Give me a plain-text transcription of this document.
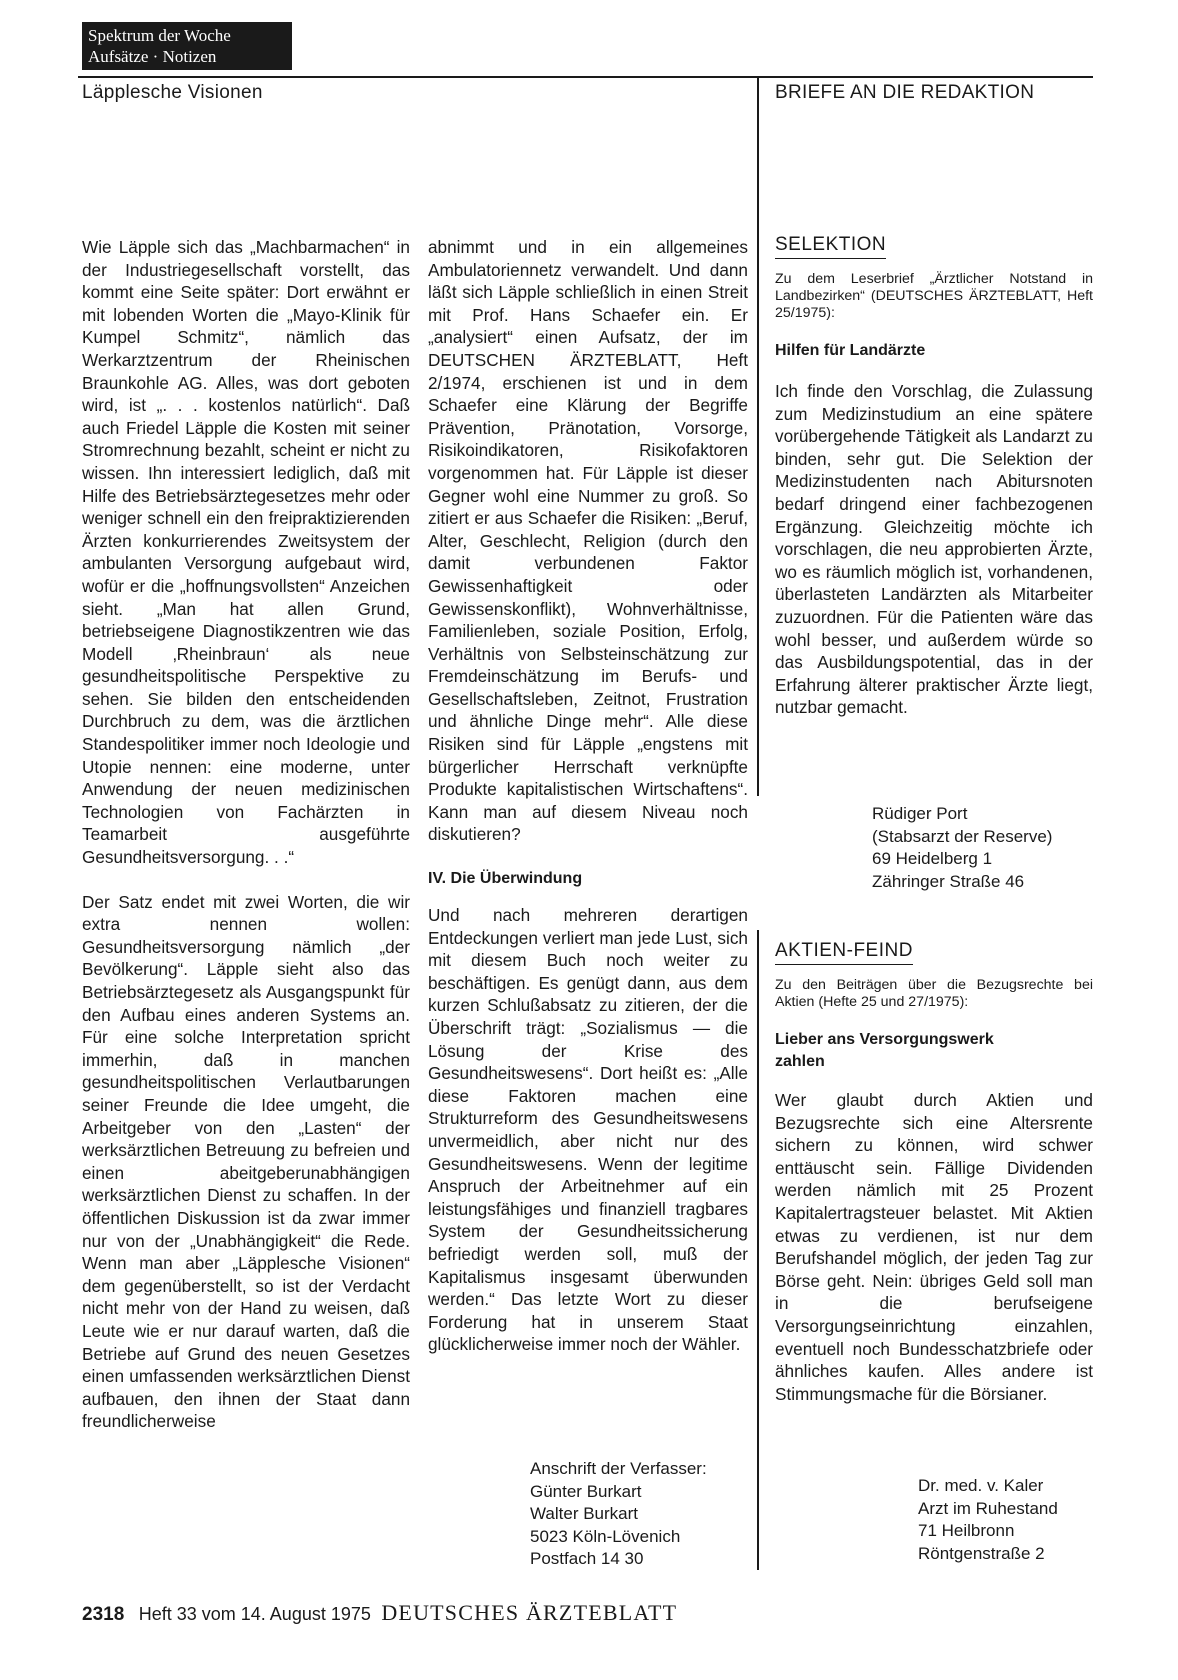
Spektrum der Woche
Aufsätze · Notizen
Läpplesche Visionen	BRIEFE AN DIE REDAKTION

Wie Läpple sich das „Machbarmachen“ in der Industriegesellschaft vorstellt, das kommt eine Seite später: Dort erwähnt er mit lobenden Worten die „Mayo-Klinik für Kumpel Schmitz“, nämlich das Werkarztzentrum der Rheinischen Braunkohle AG. Alles, was dort geboten wird, ist „. . . kostenlos natürlich“. Daß auch Friedel Läpple die Kosten mit seiner Stromrechnung bezahlt, scheint er nicht zu wissen. Ihn interessiert lediglich, daß mit Hilfe des Betriebsärztegesetzes mehr oder weniger schnell ein den freipraktizierenden Ärzten konkurrierendes Zweitsystem der ambulanten Versorgung aufgebaut wird, wofür er die „hoffnungsvollsten“ Anzeichen sieht. „Man hat allen Grund, betriebseigene Diagnostikzentren wie das Modell ‚Rheinbraun‘ als neue gesundheitspolitische Perspektive zu sehen. Sie bilden den entscheidenden Durchbruch zu dem, was die ärztlichen Standespolitiker immer noch Ideologie und Utopie nennen: eine moderne, unter Anwendung der neuen medizinischen Technologien von Fachärzten in Teamarbeit ausgeführte Gesundheitsversorgung. . .“

Der Satz endet mit zwei Worten, die wir extra nennen wollen: Gesundheitsversorgung nämlich „der Bevölkerung“. Läpple sieht also das Betriebsärztegesetz als Ausgangspunkt für den Aufbau eines anderen Systems an. Für eine solche Interpretation spricht immerhin, daß in manchen gesundheitspolitischen Verlautbarungen seiner Freunde die Idee umgeht, die Arbeitgeber von den „Lasten“ der werksärztlichen Betreuung zu befreien und einen abeitgeberunabhängigen werksärztlichen Dienst zu schaffen. In der öffentlichen Diskussion ist da zwar immer nur von der „Unabhängigkeit“ die Rede. Wenn man aber „Läpplesche Visionen“ dem gegenüberstellt, so ist der Verdacht nicht mehr von der Hand zu weisen, daß Leute wie er nur darauf warten, daß die Betriebe auf Grund des neuen Gesetzes einen umfassenden werksärztlichen Dienst aufbauen, den ihnen der Staat dann freundlicherweise

abnimmt und in ein allgemeines Ambulatoriennetz verwandelt. Und dann läßt sich Läpple schließlich in einen Streit mit Prof. Hans Schaefer ein. Er „analysiert“ einen Aufsatz, der im DEUTSCHEN ÄRZTEBLATT, Heft 2/1974, erschienen ist und in dem Schaefer eine Klärung der Begriffe Prävention, Pränotation, Vorsorge, Risikoindikatoren, Risikofaktoren vorgenommen hat. Für Läpple ist dieser Gegner wohl eine Nummer zu groß. So zitiert er aus Schaefer die Risiken: „Beruf, Alter, Geschlecht, Religion (durch den damit verbundenen Faktor Gewissenhaftigkeit oder Gewissenskonflikt), Wohnverhältnisse, Familienleben, soziale Position, Erfolg, Verhältnis von Selbsteinschätzung zur Fremdeinschätzung im Berufs- und Gesellschaftsleben, Zeitnot, Frustration und ähnliche Dinge mehr“. Alle diese Risiken sind für Läpple „engstens mit bürgerlicher Herrschaft verknüpfte Produkte kapitalistischen Wirtschaftens“. Kann man auf diesem Niveau noch diskutieren?

IV. Die Überwindung

Und nach mehreren derartigen Entdeckungen verliert man jede Lust, sich mit diesem Buch noch weiter zu beschäftigen. Es genügt dann, aus dem kurzen Schlußabsatz zu zitieren, der die Überschrift trägt: „Sozialismus — die Lösung der Krise des Gesundheitswesens“. Dort heißt es: „Alle diese Faktoren machen eine Strukturreform des Gesundheitswesens unvermeidlich, aber nicht nur des Gesundheitswesens. Wenn der legitime Anspruch der Arbeitnehmer auf ein leistungsfähiges und finanziell tragbares System der Gesundheitssicherung befriedigt werden soll, muß der Kapitalismus insgesamt überwunden werden.“ Das letzte Wort zu dieser Forderung hat in unserem Staat glücklicherweise immer noch der Wähler.

Anschrift der Verfasser:
Günter Burkart
Walter Burkart
5023 Köln-Lövenich
Postfach 14 30
SELEKTION
Zu dem Leserbrief „Ärztlicher Notstand in Landbezirken“ (DEUTSCHES ÄRZTEBLATT, Heft 25/1975):
Hilfen für Landärzte
Ich finde den Vorschlag, die Zulassung zum Medizinstudium an eine spätere vorübergehende Tätigkeit als Landarzt zu binden, sehr gut. Die Selektion der Medizinstudenten nach Abitursnoten bedarf dringend einer fachbezogenen Ergänzung. Gleichzeitig möchte ich vorschlagen, die neu approbierten Ärzte, wo es räumlich möglich ist, vorhandenen, überlasteten Landärzten als Mitarbeiter zuzuordnen. Für die Patienten wäre das wohl besser, und außerdem würde so das Ausbildungspotential, das in der Erfahrung älterer praktischer Ärzte liegt, nutzbar gemacht.
Rüdiger Port
(Stabsarzt der Reserve)
69 Heidelberg 1
Zähringer Straße 46
AKTIEN-FEIND
Zu den Beiträgen über die Bezugsrechte bei Aktien (Hefte 25 und 27/1975):
Lieber ans Versorgungswerk zahlen
Wer glaubt durch Aktien und Bezugsrechte sich eine Altersrente sichern zu können, wird schwer enttäuscht sein. Fällige Dividenden werden nämlich mit 25 Prozent Kapitalertragsteuer belastet. Mit Aktien etwas zu verdienen, ist nur dem Berufshandel möglich, der jeden Tag zur Börse geht. Nein: übriges Geld soll man in die berufseigene Versorgungseinrichtung einzahlen, eventuell noch Bundesschatzbriefe oder ähnliches kaufen. Alles andere ist Stimmungsmache für die Börsianer.
Dr. med. v. Kaler
Arzt im Ruhestand
71 Heilbronn
Röntgenstraße 2
2318 Heft 33 vom 14. August 1975 DEUTSCHES ÄRZTEBLATT
